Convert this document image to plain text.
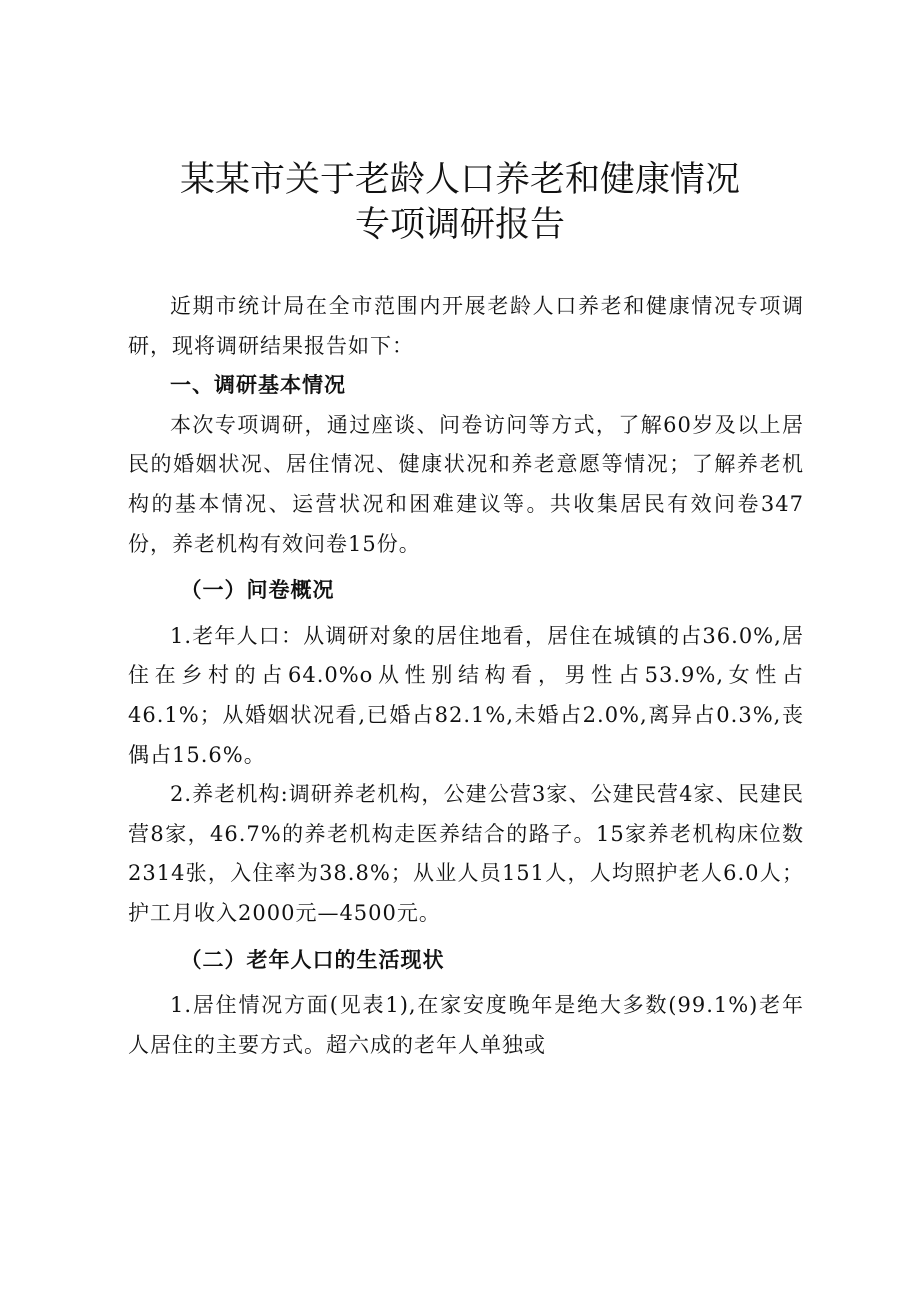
某某市关于老龄人口养老和健康情况
专项调研报告

近期市统计局在全市范围内开展老龄人口养老和健康情况专项调研，现将调研结果报告如下：

一、调研基本情况

本次专项调研，通过座谈、问卷访问等方式，了解60岁及以上居民的婚姻状况、居住情况、健康状况和养老意愿等情况；了解养老机构的基本情况、运营状况和困难建议等。共收集居民有效问卷347份，养老机构有效问卷15份。

（一）问卷概况

1.老年人口：从调研对象的居住地看，居住在城镇的占36.0%,居住在乡村的占64.0%o从性别结构看，男性占53.9%,女性占46.1%；从婚姻状况看,已婚占82.1%,未婚占2.0%,离异占0.3%,丧偶占15.6%。

2.养老机构:调研养老机构，公建公营3家、公建民营4家、民建民营8家，46.7%的养老机构走医养结合的路子。15家养老机构床位数2314张，入住率为38.8%；从业人员151人，人均照护老人6.0人；护工月收入2000元—4500元。

（二）老年人口的生活现状

1.居住情况方面(见表1),在家安度晚年是绝大多数(99.1%)老年人居住的主要方式。超六成的老年人单独或
